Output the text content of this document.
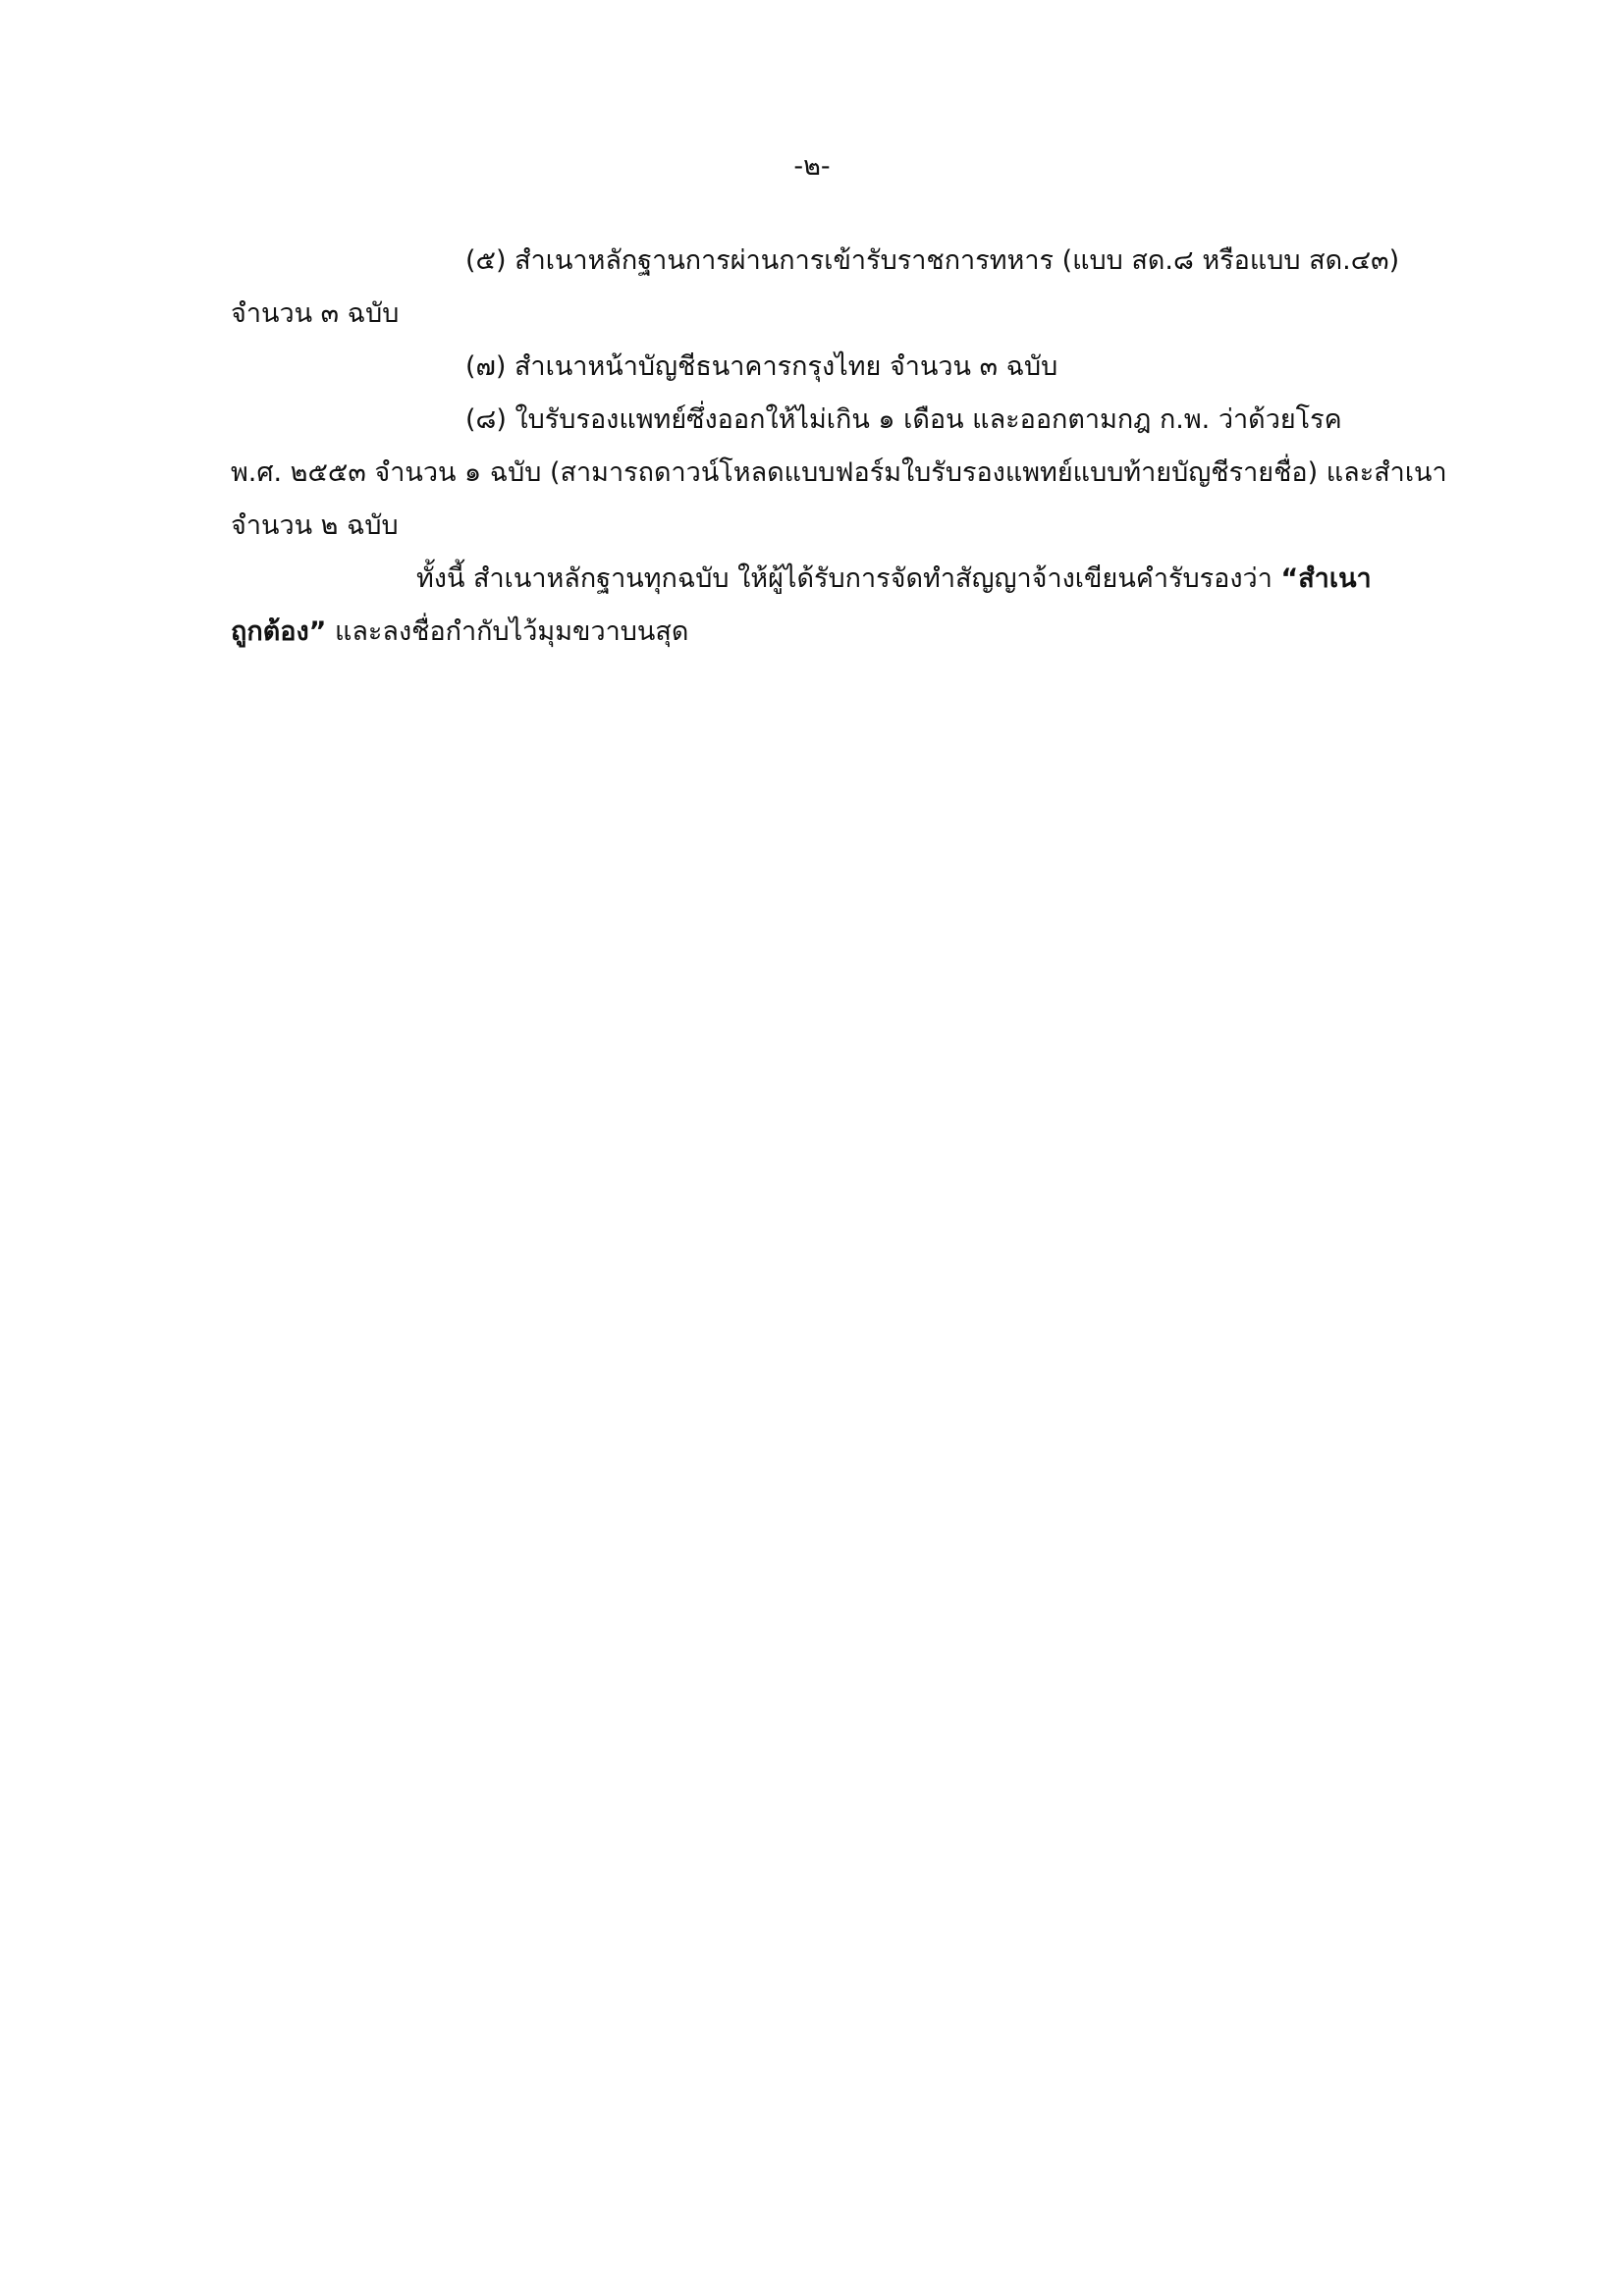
-๒-
(๕) สำเนาหลักฐานการผ่านการเข้ารับราชการทหาร (แบบ สด.๘ หรือแบบ สด.๔๓)
จำนวน ๓ ฉบับ
(๗) สำเนาหน้าบัญชีธนาคารกรุงไทย จำนวน ๓ ฉบับ
(๘) ใบรับรองแพทย์ซึ่งออกให้ไม่เกิน ๑ เดือน และออกตามกฎ ก.พ. ว่าด้วยโรค
พ.ศ. ๒๕๕๓ จำนวน ๑ ฉบับ (สามารถดาวน์โหลดแบบฟอร์มใบรับรองแพทย์แบบท้ายบัญชีรายชื่อ) และสำเนา
จำนวน ๒ ฉบับ
ทั้งนี้ สำเนาหลักฐานทุกฉบับ ให้ผู้ได้รับการจัดทำสัญญาจ้างเขียนคำรับรองว่า “สำเนา
ถูกต้อง” และลงชื่อกำกับไว้มุมขวาบนสุด
